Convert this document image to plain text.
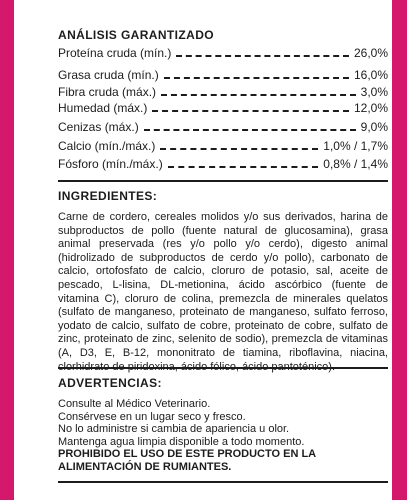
ANÁLISIS GARANTIZADO
Proteína cruda (mín.)	26,0%
Grasa cruda (mín.)	16,0%
Fibra cruda (máx.)	3,0%
Humedad (máx.)	12,0%
Cenizas (máx.)	9,0%
Calcio (mín./máx.)	1,0% / 1,7%
Fósforo (mín./máx.)	0,8% / 1,4%
INGREDIENTES:
Carne de cordero, cereales molidos y/o sus derivados, harina de subproductos de pollo (fuente natural de glucosamina), grasa animal preservada (res y/o pollo y/o cerdo), digesto animal (hidrolizado de subproductos de cerdo y/o pollo), carbonato de calcio, ortofosfato de calcio, cloruro de potasio, sal, aceite de pescado, L-lisina, DL-metionina, ácido ascórbico (fuente de vitamina C), cloruro de colina, premezcla de minerales quelatos (sulfato de manganeso, proteinato de manganeso, sulfato ferroso, yodato de calcio, sulfato de cobre, proteinato de cobre, sulfato de zinc, proteinato de zinc, selenito de sodio), premezcla de vitaminas (A, D3, E, B-12, mononitrato de tiamina, riboflavina, niacina, clorhidrato de piridoxina, ácido fólico, ácido pantoténico).
ADVERTENCIAS:
Consulte al Médico Veterinario.
Consérvese en un lugar seco y fresco.
No lo administre si cambia de apariencia u olor.
Mantenga agua limpia disponible a todo momento.
PROHIBIDO EL USO DE ESTE PRODUCTO EN LA
ALIMENTACIÓN DE RUMIANTES.
